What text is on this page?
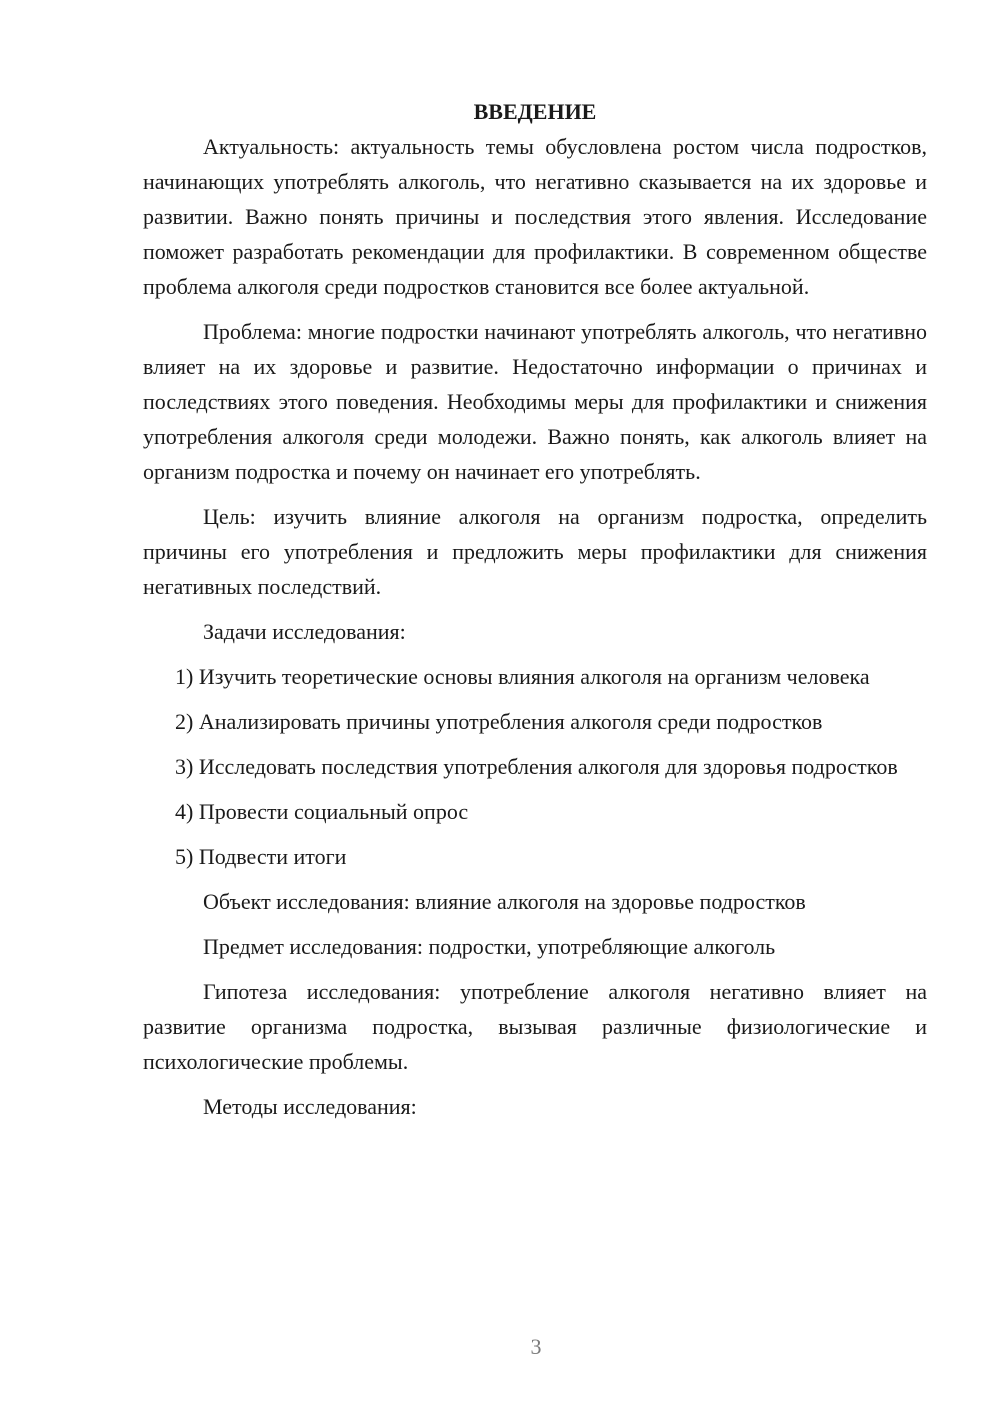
ВВЕДЕНИЕ

Актуальность: актуальность темы обусловлена ростом числа подростков, начинающих употреблять алкоголь, что негативно сказывается на их здоровье и развитии. Важно понять причины и последствия этого явления. Исследование поможет разработать рекомендации для профилактики. В современном обществе проблема алкоголя среди подростков становится все более актуальной.

Проблема: многие подростки начинают употреблять алкоголь, что негативно влияет на их здоровье и развитие. Недостаточно информации о причинах и последствиях этого поведения. Необходимы меры для профилактики и снижения употребления алкоголя среди молодежи. Важно понять, как алкоголь влияет на организм подростка и почему он начинает его употреблять.

Цель: изучить влияние алкоголя на организм подростка, определить причины его употребления и предложить меры профилактики для снижения негативных последствий.

Задачи исследования:

1) Изучить теоретические основы влияния алкоголя на организм человека

2) Анализировать причины употребления алкоголя среди подростков

3) Исследовать последствия употребления алкоголя для здоровья подростков

4) Провести социальный опрос

5) Подвести итоги

Объект исследования: влияние алкоголя на здоровье подростков

Предмет исследования: подростки, употребляющие алкоголь

Гипотеза исследования: употребление алкоголя негативно влияет на развитие организма подростка, вызывая различные физиологические и психологические проблемы.

Методы исследования:

3
